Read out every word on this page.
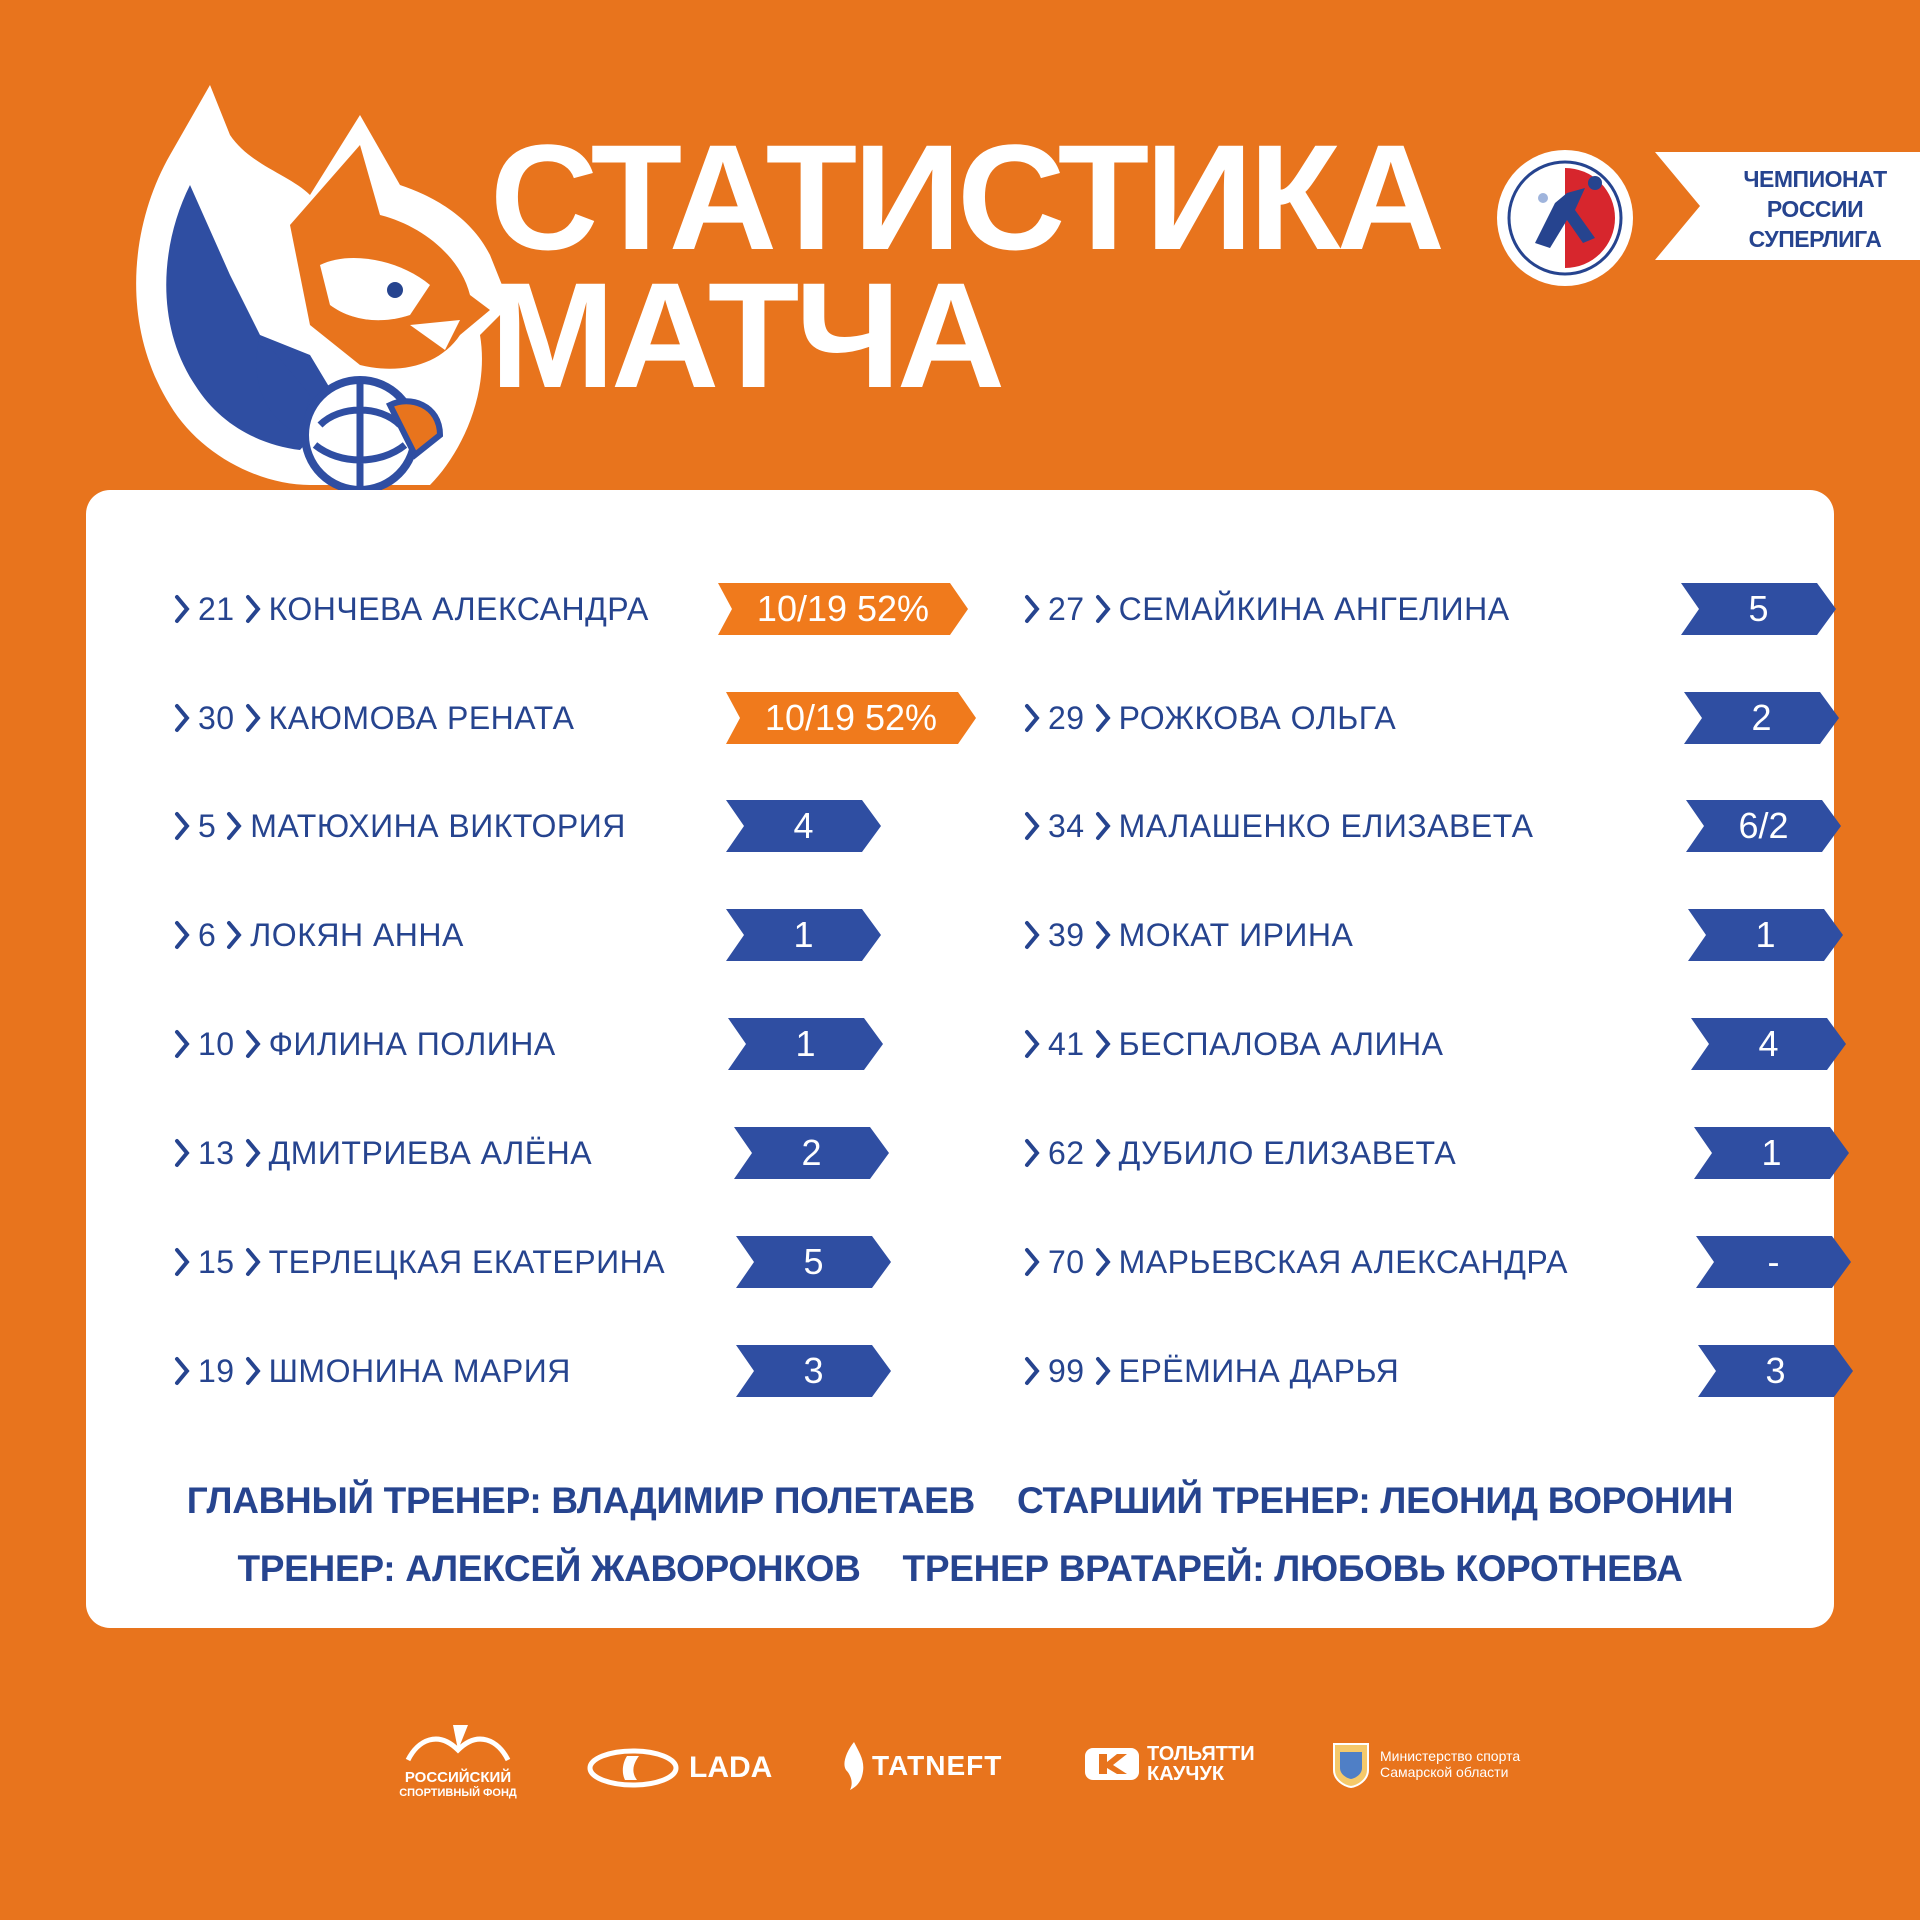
СТАТИСТИКА

МАТЧА
ЧЕМПИОНАТ
РОССИИ
СУПЕРЛИГА
21 КОНЧЕВА АЛЕКСАНДРА	10/19 52%
30 КАЮМОВА РЕНАТА	10/19 52%
5 МАТЮХИНА ВИКТОРИЯ	4
6 ЛОКЯН АННА	1
10 ФИЛИНА ПОЛИНА	1
13 ДМИТРИЕВА АЛЁНА	2
15 ТЕРЛЕЦКАЯ ЕКАТЕРИНА	5
19 ШМОНИНА МАРИЯ	3
27 СЕМАЙКИНА АНГЕЛИНА	5
29 РОЖКОВА ОЛЬГА	2
34 МАЛАШЕНКО ЕЛИЗАВЕТА	6/2
39 МОКАТ ИРИНА	1
41 БЕСПАЛОВА АЛИНА	4
62 ДУБИЛО ЕЛИЗАВЕТА	1
70 МАРЬЕВСКАЯ АЛЕКСАНДРА	-
99 ЕРЁМИНА ДАРЬЯ	3
ГЛАВНЫЙ ТРЕНЕР: ВЛАДИМИР ПОЛЕТАЕВ СТАРШИЙ ТРЕНЕР: ЛЕОНИД ВОРОНИН
ТРЕНЕР: АЛЕКСЕЙ ЖАВОРОНКОВ ТРЕНЕР ВРАТАРЕЙ: ЛЮБОВЬ КОРОТНЕВА
РОССИЙСКИЙ
СПОРТИВНЫЙ ФОНД
LADA	TATNEFT	ТОЛЬЯТТИ
КАУЧУК
Министерство спорта
Самарской области
